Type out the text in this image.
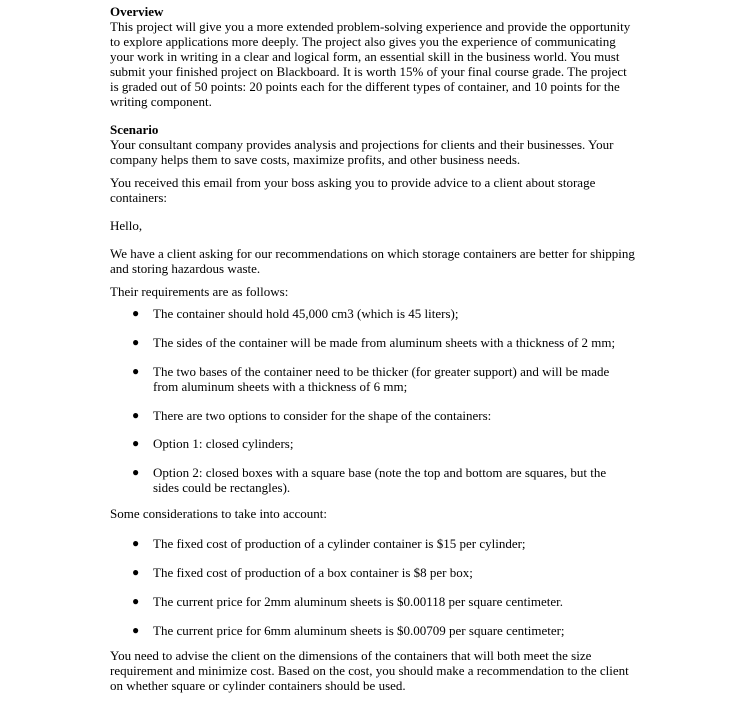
Overview

This project will give you a more extended problem-solving experience and provide the opportunity to explore applications more deeply. The project also gives you the experience of communicating your work in writing in a clear and logical form, an essential skill in the business world. You must submit your finished project on Blackboard. It is worth 15% of your final course grade. The project is graded out of 50 points: 20 points each for the different types of container, and 10 points for the writing component.

Scenario

Your consultant company provides analysis and projections for clients and their businesses. Your company helps them to save costs, maximize profits, and other business needs.

You received this email from your boss asking you to provide advice to a client about storage containers:

Hello,

We have a client asking for our recommendations on which storage containers are better for shipping and storing hazardous waste.

Their requirements are as follows:

● The container should hold 45,000 cm3 (which is 45 liters);
● The sides of the container will be made from aluminum sheets with a thickness of 2 mm;
● The two bases of the container need to be thicker (for greater support) and will be made from aluminum sheets with a thickness of 6 mm;
● There are two options to consider for the shape of the containers:
● Option 1: closed cylinders;
● Option 2: closed boxes with a square base (note the top and bottom are squares, but the sides could be rectangles).

Some considerations to take into account:

● The fixed cost of production of a cylinder container is $15 per cylinder;
● The fixed cost of production of a box container is $8 per box;
● The current price for 2mm aluminum sheets is $0.00118 per square centimeter.
● The current price for 6mm aluminum sheets is $0.00709 per square centimeter;

You need to advise the client on the dimensions of the containers that will both meet the size requirement and minimize cost. Based on the cost, you should make a recommendation to the client on whether square or cylinder containers should be used.
